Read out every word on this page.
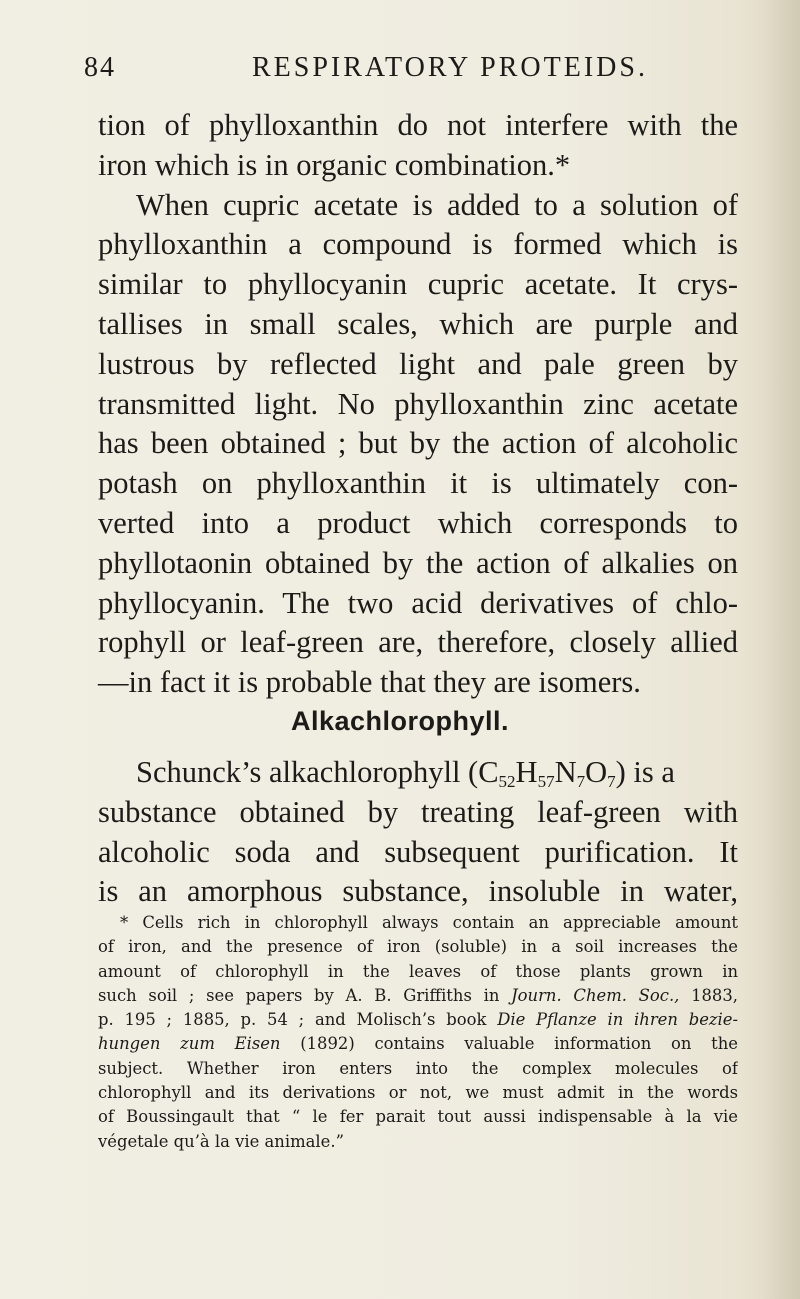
84	RESPIRATORY PROTEIDS.
tion of phylloxanthin do not interfere with the
iron which is in organic combination.*
When cupric acetate is added to a solution of
phylloxanthin a compound is formed which is
similar to phyllocyanin cupric acetate. It crys-
tallises in small scales, which are purple and
lustrous by reflected light and pale green by
transmitted light. No phylloxanthin zinc acetate
has been obtained ; but by the action of alcoholic
potash on phylloxanthin it is ultimately con-
verted into a product which corresponds to
phyllotaonin obtained by the action of alkalies on
phyllocyanin. The two acid derivatives of chlo-
rophyll or leaf-green are, therefore, closely allied
—in fact it is probable that they are isomers.
Alkachlorophyll.
Schunck’s alkachlorophyll $(C_{52}H_{57}N_7O_7)$ is a
substance obtained by treating leaf-green with
alcoholic soda and subsequent purification. It
is an amorphous substance, insoluble in water,
* Cells rich in chlorophyll always contain an appreciable amount
of iron, and the presence of iron (soluble) in a soil increases the
amount of chlorophyll in the leaves of those plants grown in
such soil ; see papers by A. B. Griffiths in Journ. Chem. Soc., 1883,
p. 195 ; 1885, p. 54 ; and Molisch’s book Die Pflanze in ihren bezie-
hungen zum Eisen (1892) contains valuable information on the
subject. Whether iron enters into the complex molecules of
chlorophyll and its derivations or not, we must admit in the words
of Boussingault that “ le fer parait tout aussi indispensable à la vie
végetale qu’à la vie animale.”
